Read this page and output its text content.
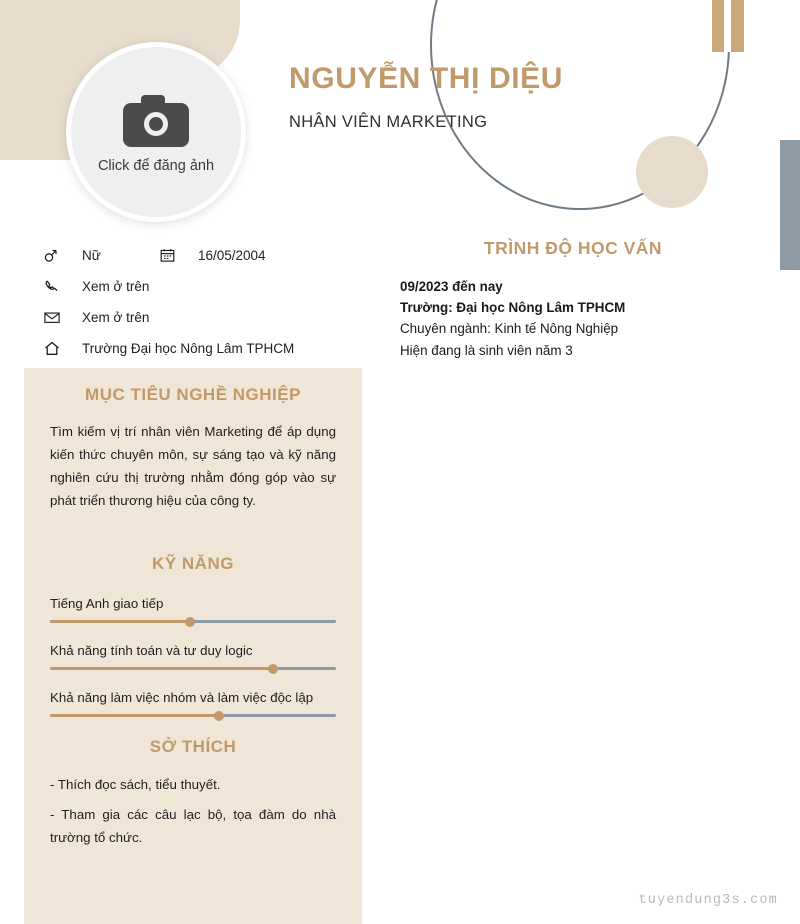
Click để đăng ảnh
NGUYỄN THỊ DIỆU
NHÂN VIÊN MARKETING
Nữ
Xem ở trên
Xem ở trên
Trường Đại học Nông Lâm TPHCM
16/05/2004
MỤC TIÊU NGHỀ NGHIỆP
Tìm kiếm vị trí nhân viên Marketing để áp dụng kiến thức chuyên môn, sự sáng tạo và kỹ năng nghiên cứu thị trường nhằm đóng góp vào sự phát triển thương hiệu của công ty.
KỸ NĂNG
Tiếng Anh giao tiếp
Khả năng tính toán và tư duy logic
Khả năng làm việc nhóm và làm việc độc lập
SỞ THÍCH
- Thích đọc sách, tiểu thuyết.
- Tham gia các câu lạc bộ, tọa đàm do nhà trường tổ chức.
TRÌNH ĐỘ HỌC VẤN
09/2023 đến nay
Trường: Đại học Nông Lâm TPHCM
Chuyên ngành: Kinh tế Nông Nghiệp
Hiện đang là sinh viên năm 3
tuyendung3s.com
